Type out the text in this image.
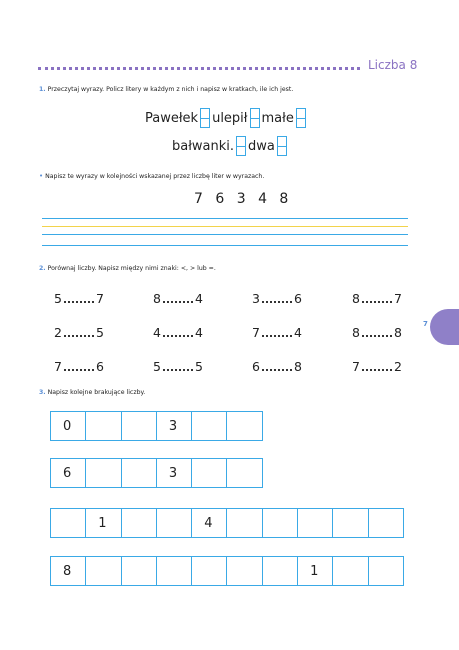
Liczba 8
7
1. Przeczytaj wyrazy. Policz litery w każdym z nich i napisz w kratkach, ile ich jest.
Pawełek ulepił małe
bałwanki. dwa
• Napisz te wyrazy w kolejności wskazanej przez liczbę liter w wyrazach.
7 6 3 4 8
2. Porównaj liczby. Napisz między nimi znaki: <, > lub =.
5	7	8	4	3	6	8	7
2	5	4	4	7	4	8	8
7	6	5	5	6	8	7	2
3. Napisz kolejne brakujące liczby.
0	3
6	3
1	4
8	1
